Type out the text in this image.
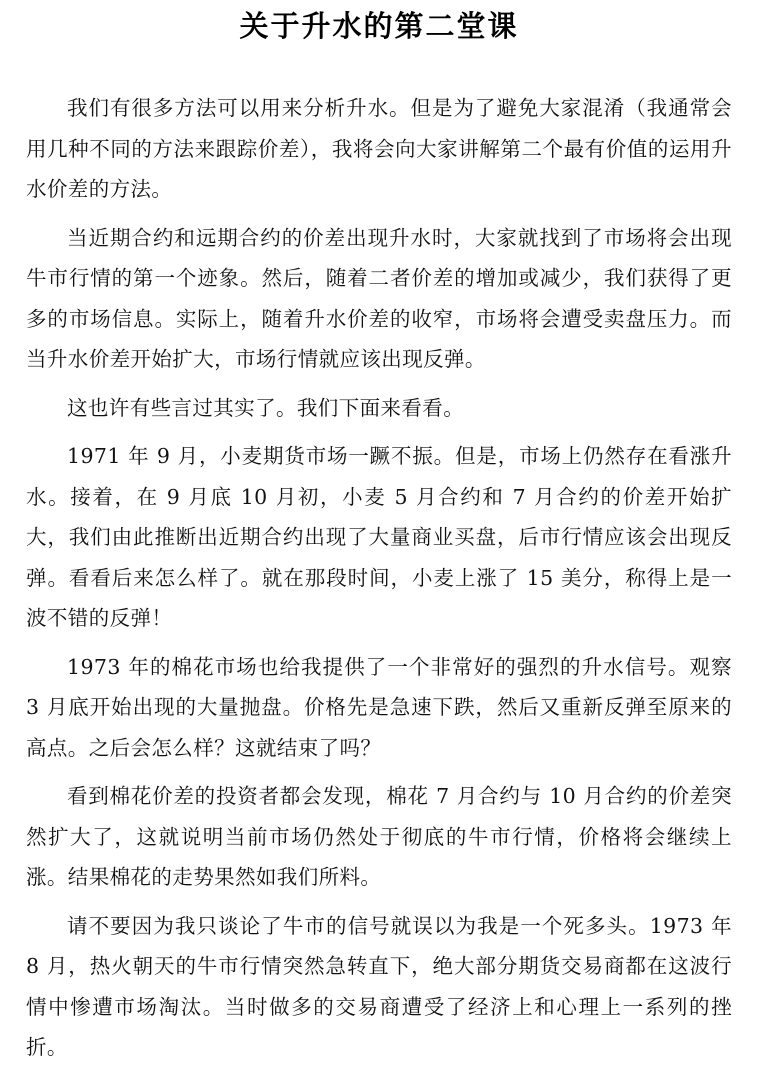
关于升水的第二堂课

我们有很多方法可以用来分析升水。但是为了避免大家混淆（我通常会用几种不同的方法来跟踪价差），我将会向大家讲解第二个最有价值的运用升水价差的方法。

当近期合约和远期合约的价差出现升水时，大家就找到了市场将会出现牛市行情的第一个迹象。然后，随着二者价差的增加或减少，我们获得了更多的市场信息。实际上，随着升水价差的收窄，市场将会遭受卖盘压力。而当升水价差开始扩大，市场行情就应该出现反弹。

这也许有些言过其实了。我们下面来看看。

1971 年 9 月，小麦期货市场一蹶不振。但是，市场上仍然存在看涨升水。接着，在 9 月底 10 月初，小麦 5 月合约和 7 月合约的价差开始扩大，我们由此推断出近期合约出现了大量商业买盘，后市行情应该会出现反弹。看看后来怎么样了。就在那段时间，小麦上涨了 15 美分，称得上是一波不错的反弹！

1973 年的棉花市场也给我提供了一个非常好的强烈的升水信号。观察 3 月底开始出现的大量抛盘。价格先是急速下跌，然后又重新反弹至原来的高点。之后会怎么样？这就结束了吗？

看到棉花价差的投资者都会发现，棉花 7 月合约与 10 月合约的价差突然扩大了，这就说明当前市场仍然处于彻底的牛市行情，价格将会继续上涨。结果棉花的走势果然如我们所料。

请不要因为我只谈论了牛市的信号就误以为我是一个死多头。1973 年 8 月，热火朝天的牛市行情突然急转直下，绝大部分期货交易商都在这波行情中惨遭市场淘汰。当时做多的交易商遭受了经济上和心理上一系列的挫折。
